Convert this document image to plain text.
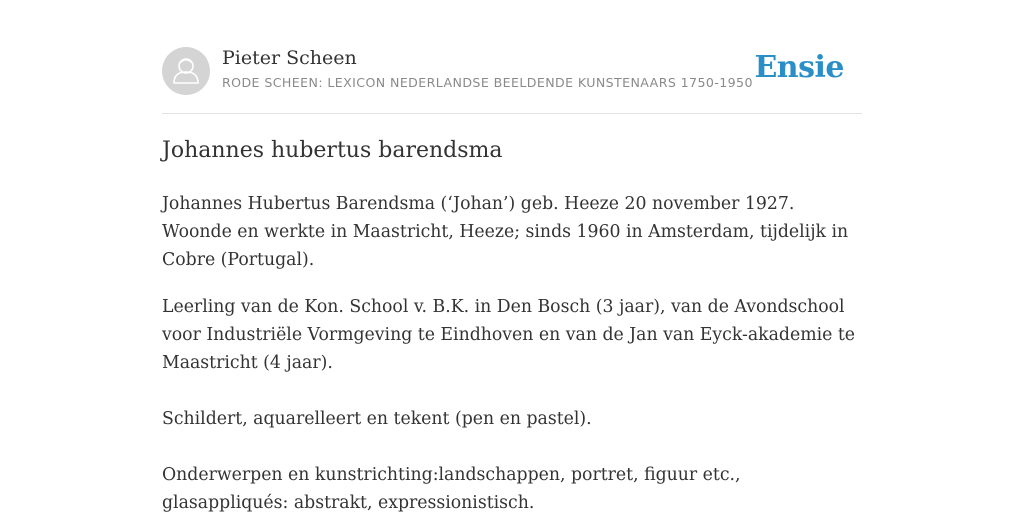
Pieter Scheen
RODE SCHEEN: LEXICON NEDERLANDSE BEELDENDE KUNSTENAARS 1750-1950 Ensie
Johannes hubertus barendsma

Johannes Hubertus Barendsma (‘Johan’) geb. Heeze 20 november 1927. Woonde en werkte in Maastricht, Heeze; sinds 1960 in Amsterdam, tijdelijk in Cobre (Portugal).

Leerling van de Kon. School v. B.K. in Den Bosch (3 jaar), van de Avondschool voor Industriële Vormgeving te Eindhoven en van de Jan van Eyck-akademie te Maastricht (4 jaar).

Schildert, aquarelleert en tekent (pen en pastel).

Onderwerpen en kunstrichting:landschappen, portret, figuur etc., glasappliqués: abstrakt, expressionistisch.
